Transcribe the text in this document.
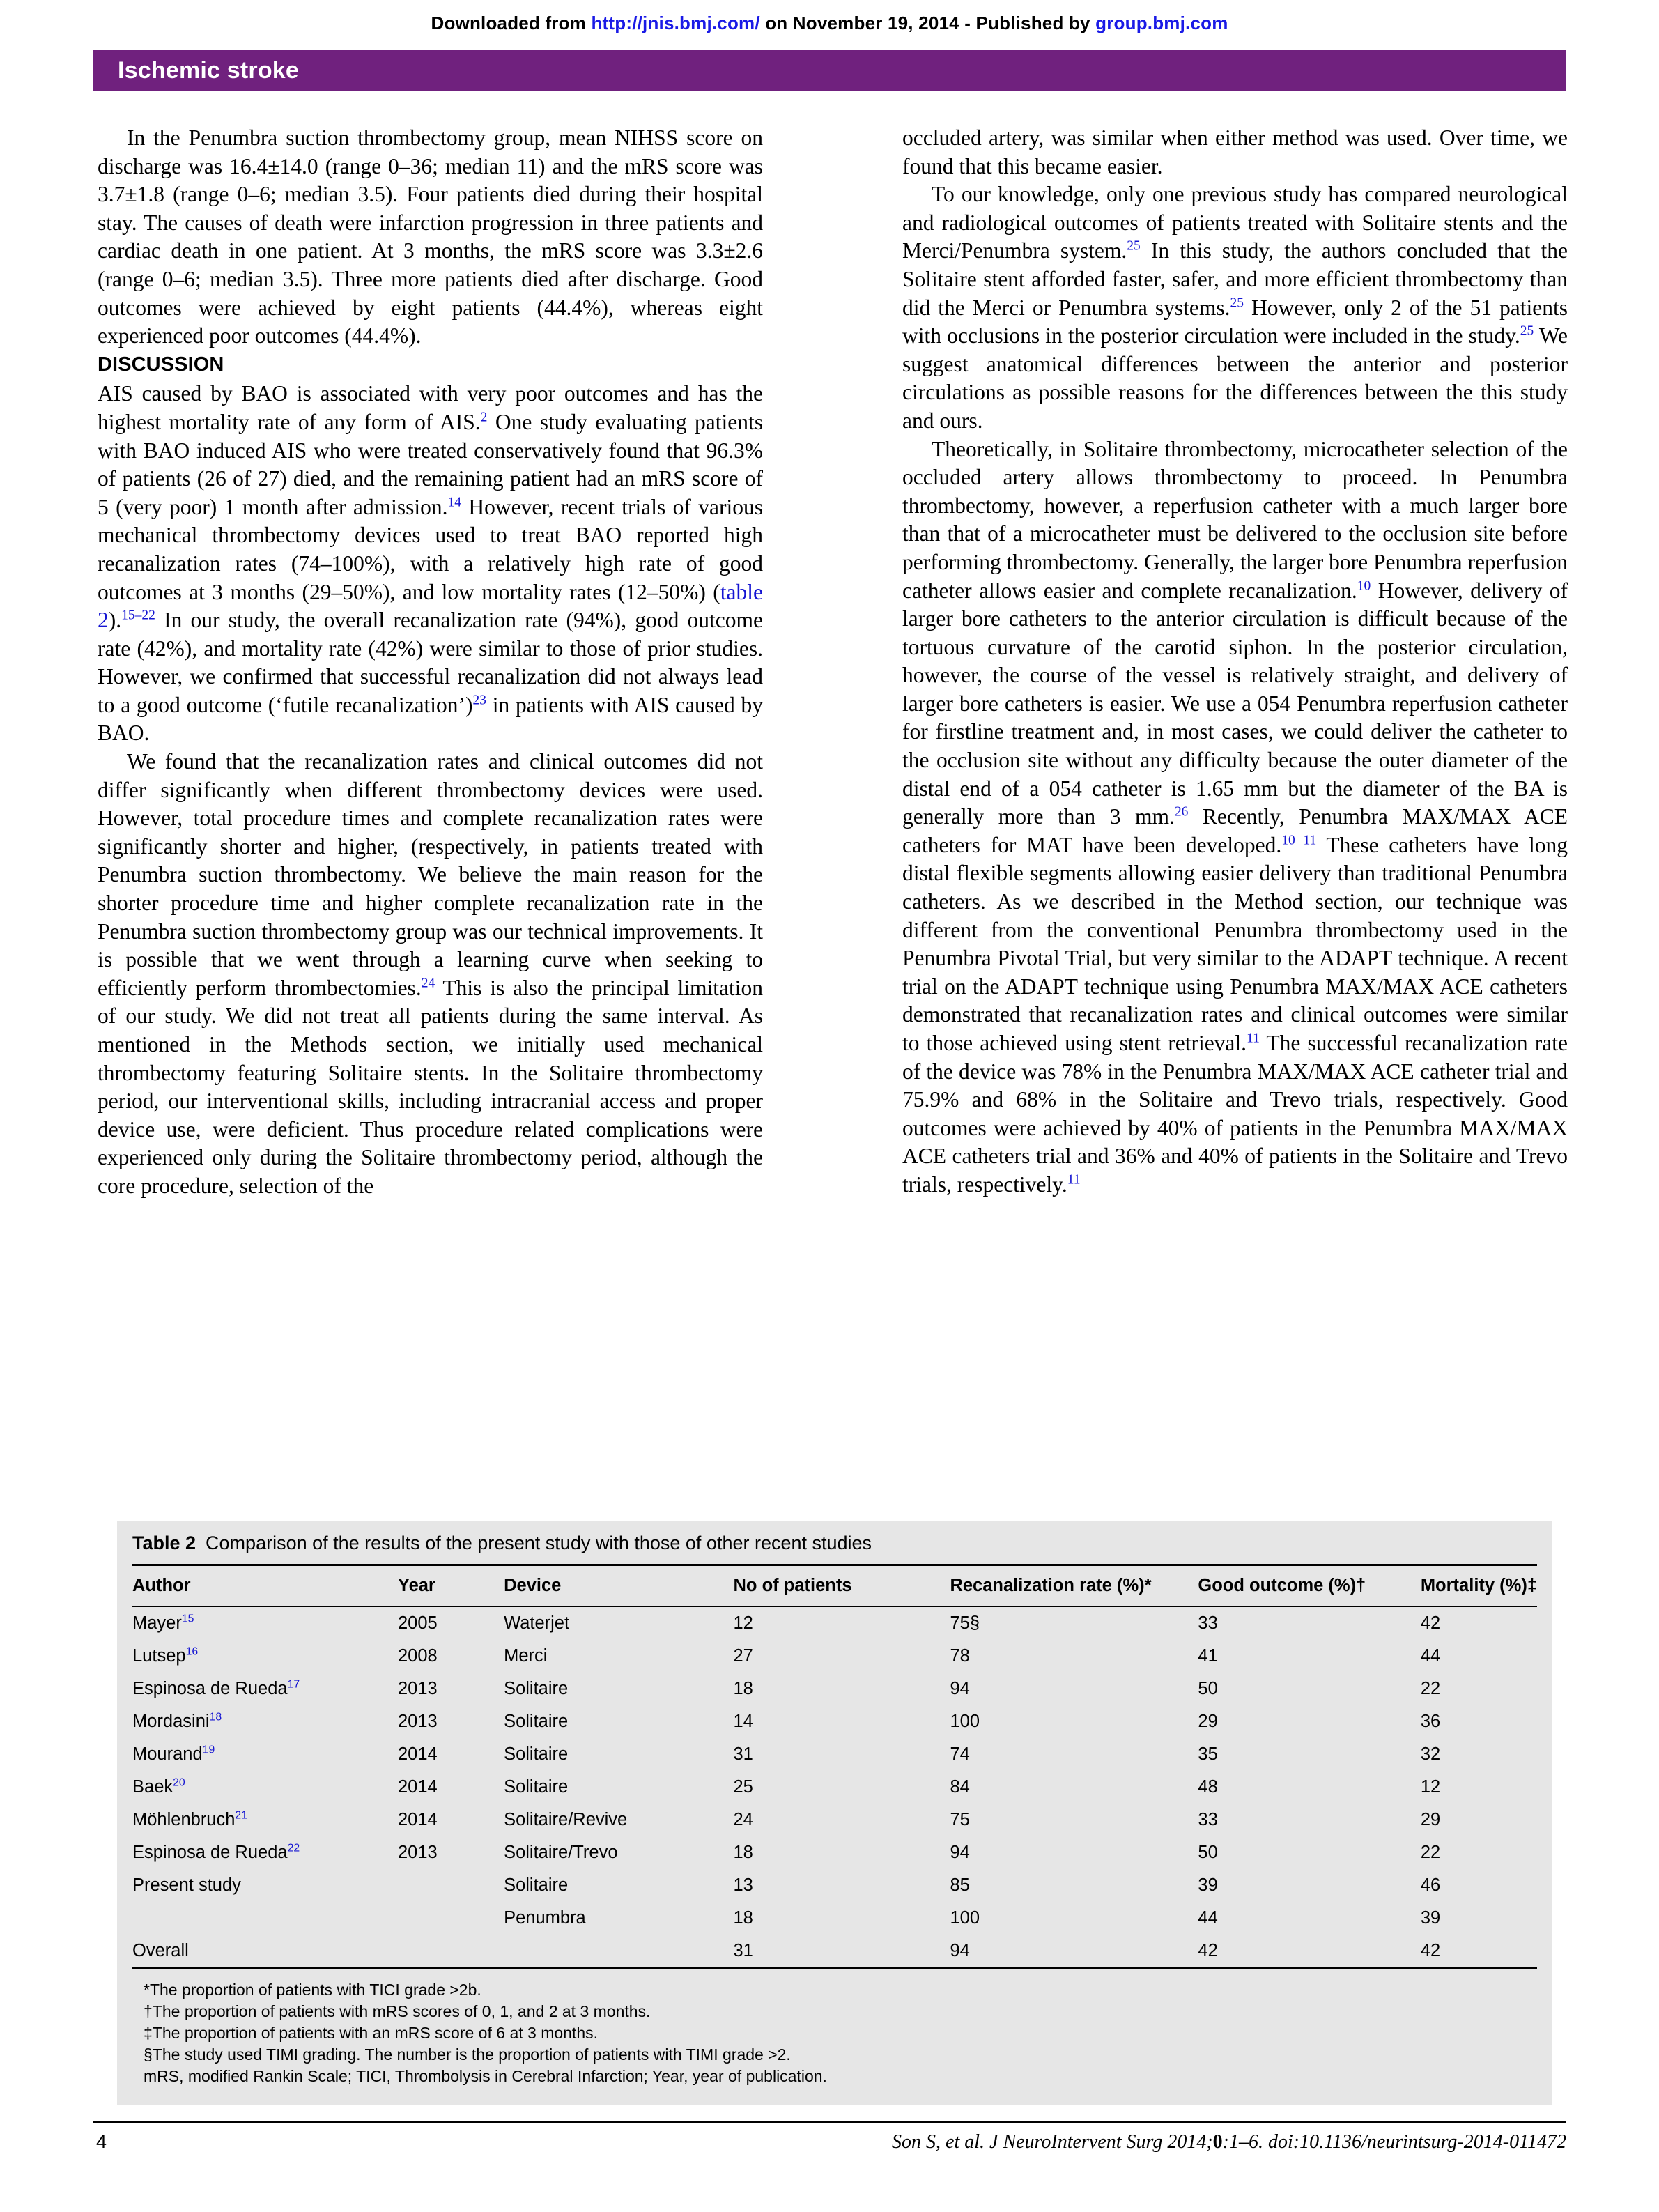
Downloaded from http://jnis.bmj.com/ on November 19, 2014 - Published by group.bmj.com
Ischemic stroke

In the Penumbra suction thrombectomy group, mean NIHSS score on discharge was 16.4±14.0 (range 0–36; median 11) and the mRS score was 3.7±1.8 (range 0–6; median 3.5). Four patients died during their hospital stay. The causes of death were infarction progression in three patients and cardiac death in one patient. At 3 months, the mRS score was 3.3±2.6 (range 0–6; median 3.5). Three more patients died after discharge. Good outcomes were achieved by eight patients (44.4%), whereas eight experienced poor outcomes (44.4%).

DISCUSSION

AIS caused by BAO is associated with very poor outcomes and has the highest mortality rate of any form of AIS.$^2$ One study evaluating patients with BAO induced AIS who were treated conservatively found that 96.3% of patients (26 of 27) died, and the remaining patient had an mRS score of 5 (very poor) 1 month after admission.$^{14}$ However, recent trials of various mechanical thrombectomy devices used to treat BAO reported high recanalization rates (74–100%), with a relatively high rate of good outcomes at 3 months (29–50%), and low mortality rates (12–50%) (table 2).$^{15-22}$ In our study, the overall recanalization rate (94%), good outcome rate (42%), and mortality rate (42%) were similar to those of prior studies. However, we confirmed that successful recanalization did not always lead to a good outcome (‘futile recanalization’)$^{23}$ in patients with AIS caused by BAO.

We found that the recanalization rates and clinical outcomes did not differ significantly when different thrombectomy devices were used. However, total procedure times and complete recanalization rates were significantly shorter and higher, (respectively, in patients treated with Penumbra suction thrombectomy. We believe the main reason for the shorter procedure time and higher complete recanalization rate in the Penumbra suction thrombectomy group was our technical improvements. It is possible that we went through a learning curve when seeking to efficiently perform thrombectomies.$^{24}$ This is also the principal limitation of our study. We did not treat all patients during the same interval. As mentioned in the Methods section, we initially used mechanical thrombectomy featuring Solitaire stents. In the Solitaire thrombectomy period, our interventional skills, including intracranial access and proper device use, were deficient. Thus procedure related complications were experienced only during the Solitaire thrombectomy period, although the core procedure, selection of the

occluded artery, was similar when either method was used. Over time, we found that this became easier.

To our knowledge, only one previous study has compared neurological and radiological outcomes of patients treated with Solitaire stents and the Merci/Penumbra system.$^{25}$ In this study, the authors concluded that the Solitaire stent afforded faster, safer, and more efficient thrombectomy than did the Merci or Penumbra systems.$^{25}$ However, only 2 of the 51 patients with occlusions in the posterior circulation were included in the study.$^{25}$ We suggest anatomical differences between the anterior and posterior circulations as possible reasons for the differences between the this study and ours.

Theoretically, in Solitaire thrombectomy, microcatheter selection of the occluded artery allows thrombectomy to proceed. In Penumbra thrombectomy, however, a reperfusion catheter with a much larger bore than that of a microcatheter must be delivered to the occlusion site before performing thrombectomy. Generally, the larger bore Penumbra reperfusion catheter allows easier and complete recanalization.$^{10}$ However, delivery of larger bore catheters to the anterior circulation is difficult because of the tortuous curvature of the carotid siphon. In the posterior circulation, however, the course of the vessel is relatively straight, and delivery of larger bore catheters is easier. We use a 054 Penumbra reperfusion catheter for firstline treatment and, in most cases, we could deliver the catheter to the occlusion site without any difficulty because the outer diameter of the distal end of a 054 catheter is 1.65 mm but the diameter of the BA is generally more than 3 mm.$^{26}$ Recently, Penumbra MAX/MAX ACE catheters for MAT have been developed.$^{10 11}$ These catheters have long distal flexible segments allowing easier delivery than traditional Penumbra catheters. As we described in the Method section, our technique was different from the conventional Penumbra thrombectomy used in the Penumbra Pivotal Trial, but very similar to the ADAPT technique. A recent trial on the ADAPT technique using Penumbra MAX/MAX ACE catheters demonstrated that recanalization rates and clinical outcomes were similar to those achieved using stent retrieval.$^{11}$ The successful recanalization rate of the device was 78% in the Penumbra MAX/MAX ACE catheter trial and 75.9% and 68% in the Solitaire and Trevo trials, respectively. Good outcomes were achieved by 40% of patients in the Penumbra MAX/MAX ACE catheters trial and 36% and 40% of patients in the Solitaire and Trevo trials, respectively.$^{11}$

Table 2 Comparison of the results of the present study with those of other recent studies
Author	Year	Device	No of patients	Recanalization rate (%)*	Good outcome (%)†	Mortality (%)‡
Mayer$^{15}$	2005	Waterjet	12	75§	33	42
Lutsep$^{16}$	2008	Merci	27	78	41	44
Espinosa de Rueda$^{17}$	2013	Solitaire	18	94	50	22
Mordasini$^{18}$	2013	Solitaire	14	100	29	36
Mourand$^{19}$	2014	Solitaire	31	74	35	32
Baek$^{20}$	2014	Solitaire	25	84	48	12
Möhlenbruch$^{21}$	2014	Solitaire/Revive	24	75	33	29
Espinosa de Rueda$^{22}$	2013	Solitaire/Trevo	18	94	50	22
Present study		Solitaire	13	85	39	46
		Penumbra	18	100	44	39
Overall			31	94	42	42
*The proportion of patients with TICI grade >2b.
†The proportion of patients with mRS scores of 0, 1, and 2 at 3 months.
‡The proportion of patients with an mRS score of 6 at 3 months.
§The study used TIMI grading. The number is the proportion of patients with TIMI grade >2.
mRS, modified Rankin Scale; TICI, Thrombolysis in Cerebral Infarction; Year, year of publication.
4	Son S, et al. J NeuroIntervent Surg 2014;0:1–6. doi:10.1136/neurintsurg-2014-011472
